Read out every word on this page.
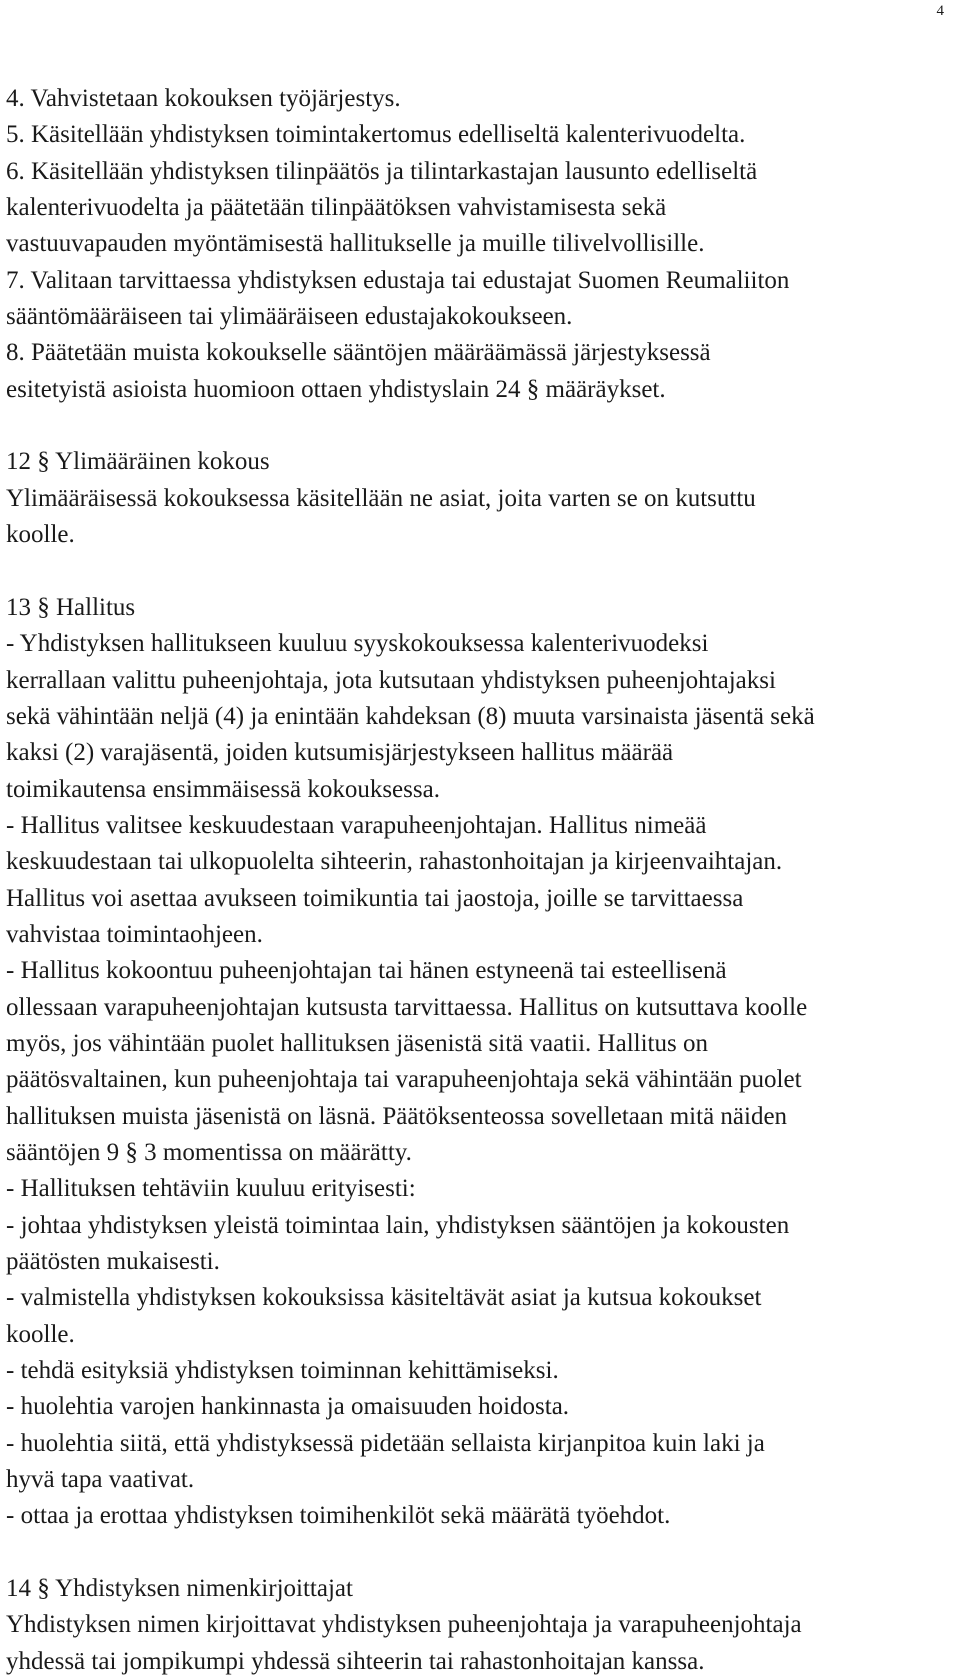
4
4. Vahvistetaan kokouksen työjärjestys.
5. Käsitellään yhdistyksen toimintakertomus edelliseltä kalenterivuodelta.
6. Käsitellään yhdistyksen tilinpäätös ja tilintarkastajan lausunto edelliseltä
kalenterivuodelta ja päätetään tilinpäätöksen vahvistamisesta sekä
vastuuvapauden myöntämisestä hallitukselle ja muille tilivelvollisille.
7. Valitaan tarvittaessa yhdistyksen edustaja tai edustajat Suomen Reumaliiton
sääntömääräiseen tai ylimääräiseen edustajakokoukseen.
8. Päätetään muista kokoukselle sääntöjen määräämässä järjestyksessä
esitetyistä asioista huomioon ottaen yhdistyslain 24 § määräykset.
12 § Ylimääräinen kokous
Ylimääräisessä kokouksessa käsitellään ne asiat, joita varten se on kutsuttu
koolle.
13 § Hallitus
- Yhdistyksen hallitukseen kuuluu syyskokouksessa kalenterivuodeksi
kerrallaan valittu puheenjohtaja, jota kutsutaan yhdistyksen puheenjohtajaksi
sekä vähintään neljä (4) ja enintään kahdeksan (8) muuta varsinaista jäsentä sekä
kaksi (2) varajäsentä, joiden kutsumisjärjestykseen hallitus määrää
toimikautensa ensimmäisessä kokouksessa.
- Hallitus valitsee keskuudestaan varapuheenjohtajan. Hallitus nimeää
keskuudestaan tai ulkopuolelta sihteerin, rahastonhoitajan ja kirjeenvaihtajan.
Hallitus voi asettaa avukseen toimikuntia tai jaostoja, joille se tarvittaessa
vahvistaa toimintaohjeen.
- Hallitus kokoontuu puheenjohtajan tai hänen estyneenä tai esteellisenä
ollessaan varapuheenjohtajan kutsusta tarvittaessa. Hallitus on kutsuttava koolle
myös, jos vähintään puolet hallituksen jäsenistä sitä vaatii. Hallitus on
päätösvaltainen, kun puheenjohtaja tai varapuheenjohtaja sekä vähintään puolet
hallituksen muista jäsenistä on läsnä. Päätöksenteossa sovelletaan mitä näiden
sääntöjen 9 § 3 momentissa on määrätty.
- Hallituksen tehtäviin kuuluu erityisesti:
- johtaa yhdistyksen yleistä toimintaa lain, yhdistyksen sääntöjen ja kokousten
päätösten mukaisesti.
- valmistella yhdistyksen kokouksissa käsiteltävät asiat ja kutsua kokoukset
koolle.
- tehdä esityksiä yhdistyksen toiminnan kehittämiseksi.
- huolehtia varojen hankinnasta ja omaisuuden hoidosta.
- huolehtia siitä, että yhdistyksessä pidetään sellaista kirjanpitoa kuin laki ja
hyvä tapa vaativat.
- ottaa ja erottaa yhdistyksen toimihenkilöt sekä määrätä työehdot.
14 § Yhdistyksen nimenkirjoittajat
Yhdistyksen nimen kirjoittavat yhdistyksen puheenjohtaja ja varapuheenjohtaja
yhdessä tai jompikumpi yhdessä sihteerin tai rahastonhoitajan kanssa.
